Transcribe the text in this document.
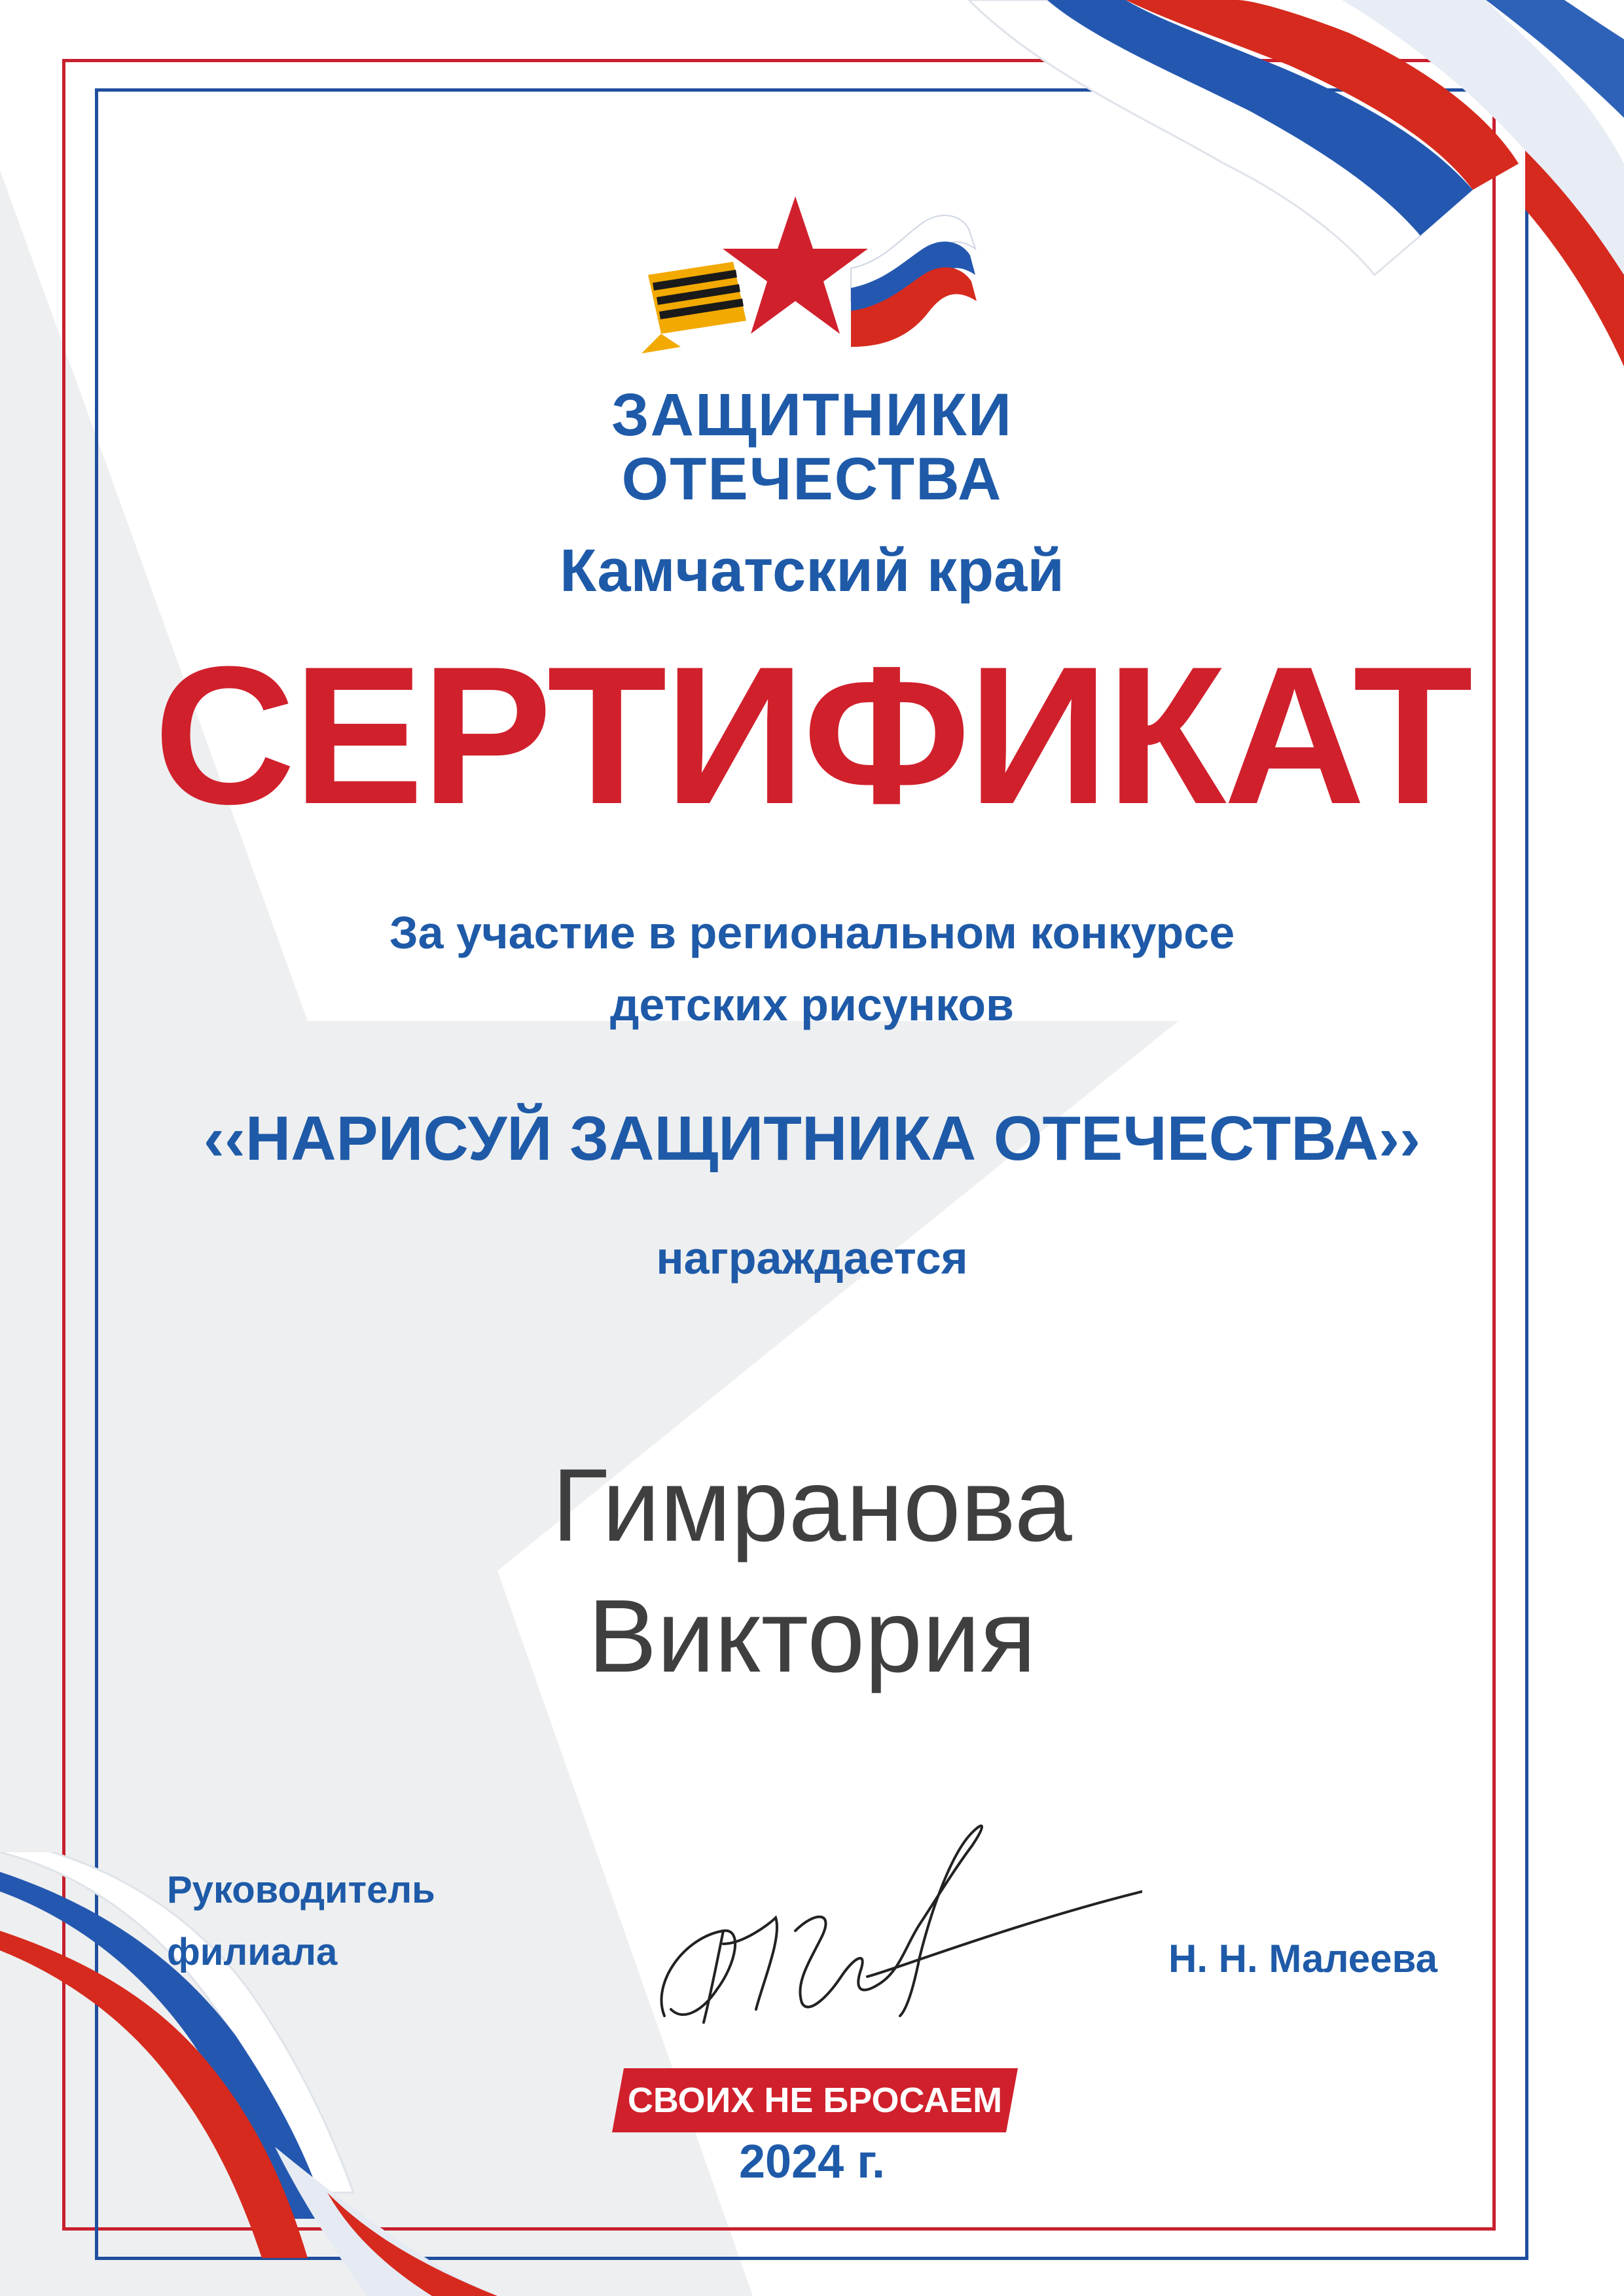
ЗАЩИТНИКИ
ОТЕЧЕСТВА
Камчатский край
СЕРТИФИКАТ
За участие в региональном конкурсе
детских рисунков
‹‹НАРИСУЙ ЗАЩИТНИКА ОТЕЧЕСТВА››
награждается
Гимранова
Виктория
Руководитель
филиала	Н. Н. Малеева
СВОИХ НЕ БРОСАЕМ
2024 г.
